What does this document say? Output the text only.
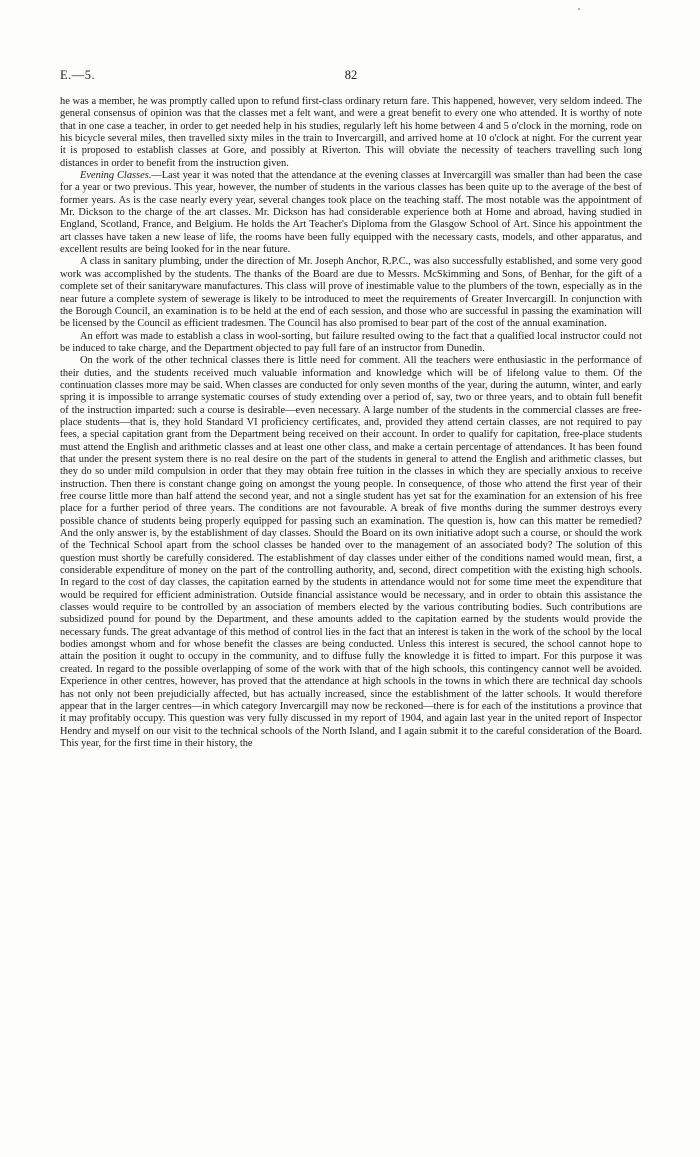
82
E.—5.

he was a member, he was promptly called upon to refund first-class ordinary return fare. This happened, however, very seldom indeed. The general consensus of opinion was that the classes met a felt want, and were a great benefit to every one who attended. It is worthy of note that in one case a teacher, in order to get needed help in his studies, regularly left his home between 4 and 5 o'clock in the morning, rode on his bicycle several miles, then travelled sixty miles in the train to Invercargill, and arrived home at 10 o'clock at night. For the current year it is proposed to establish classes at Gore, and possibly at Riverton. This will obviate the necessity of teachers travelling such long distances in order to benefit from the instruction given.

Evening Classes.—Last year it was noted that the attendance at the evening classes at Invercargill was smaller than had been the case for a year or two previous. This year, however, the number of students in the various classes has been quite up to the average of the best of former years. As is the case nearly every year, several changes took place on the teaching staff. The most notable was the appointment of Mr. Dickson to the charge of the art classes. Mr. Dickson has had considerable experience both at Home and abroad, having studied in England, Scotland, France, and Belgium. He holds the Art Teacher's Diploma from the Glasgow School of Art. Since his appointment the art classes have taken a new lease of life, the rooms have been fully equipped with the necessary casts, models, and other apparatus, and excellent results are being looked for in the near future.

A class in sanitary plumbing, under the direction of Mr. Joseph Anchor, R.P.C., was also successfully established, and some very good work was accomplished by the students. The thanks of the Board are due to Messrs. McSkimming and Sons, of Benhar, for the gift of a complete set of their sanitaryware manufactures. This class will prove of inestimable value to the plumbers of the town, especially as in the near future a complete system of sewerage is likely to be introduced to meet the requirements of Greater Invercargill. In conjunction with the Borough Council, an examination is to be held at the end of each session, and those who are successful in passing the examination will be licensed by the Council as efficient tradesmen. The Council has also promised to bear part of the cost of the annual examination.

An effort was made to establish a class in wool-sorting, but failure resulted owing to the fact that a qualified local instructor could not be induced to take charge, and the Department objected to pay full fare of an instructor from Dunedin.

On the work of the other technical classes there is little need for comment. All the teachers were enthusiastic in the performance of their duties, and the students received much valuable information and knowledge which will be of lifelong value to them. Of the continuation classes more may be said. When classes are conducted for only seven months of the year, during the autumn, winter, and early spring it is impossible to arrange systematic courses of study extending over a period of, say, two or three years, and to obtain full benefit of the instruction imparted: such a course is desirable—even necessary. A large number of the students in the commercial classes are free-place students—that is, they hold Standard VI proficiency certificates, and, provided they attend certain classes, are not required to pay fees, a special capitation grant from the Department being received on their account. In order to qualify for capitation, free-place students must attend the English and arithmetic classes and at least one other class, and make a certain percentage of attendances. It has been found that under the present system there is no real desire on the part of the students in general to attend the English and arithmetic classes, but they do so under mild compulsion in order that they may obtain free tuition in the classes in which they are specially anxious to receive instruction. Then there is constant change going on amongst the young people. In consequence, of those who attend the first year of their free course little more than half attend the second year, and not a single student has yet sat for the examination for an extension of his free place for a further period of three years. The conditions are not favourable. A break of five months during the summer destroys every possible chance of students being properly equipped for passing such an examination. The question is, how can this matter be remedied? And the only answer is, by the establishment of day classes. Should the Board on its own initiative adopt such a course, or should the work of the Technical School apart from the school classes be handed over to the management of an associated body? The solution of this question must shortly be carefully considered. The establishment of day classes under either of the conditions named would mean, first, a considerable expenditure of money on the part of the controlling authority, and, second, direct competition with the existing high schools. In regard to the cost of day classes, the capitation earned by the students in attendance would not for some time meet the expenditure that would be required for efficient administration. Outside financial assistance would be necessary, and in order to obtain this assistance the classes would require to be controlled by an association of members elected by the various contributing bodies. Such contributions are subsidized pound for pound by the Department, and these amounts added to the capitation earned by the students would provide the necessary funds. The great advantage of this method of control lies in the fact that an interest is taken in the work of the school by the local bodies amongst whom and for whose benefit the classes are being conducted. Unless this interest is secured, the school cannot hope to attain the position it ought to occupy in the community, and to diffuse fully the knowledge it is fitted to impart. For this purpose it was created. In regard to the possible overlapping of some of the work with that of the high schools, this contingency cannot well be avoided. Experience in other centres, however, has proved that the attendance at high schools in the towns in which there are technical day schools has not only not been prejudicially affected, but has actually increased, since the establishment of the latter schools. It would therefore appear that in the larger centres—in which category Invercargill may now be reckoned—there is for each of the institutions a province that it may profitably occupy. This question was very fully discussed in my report of 1904, and again last year in the united report of Inspector Hendry and myself on our visit to the technical schools of the North Island, and I again submit it to the careful consideration of the Board. This year, for the first time in their history, the
